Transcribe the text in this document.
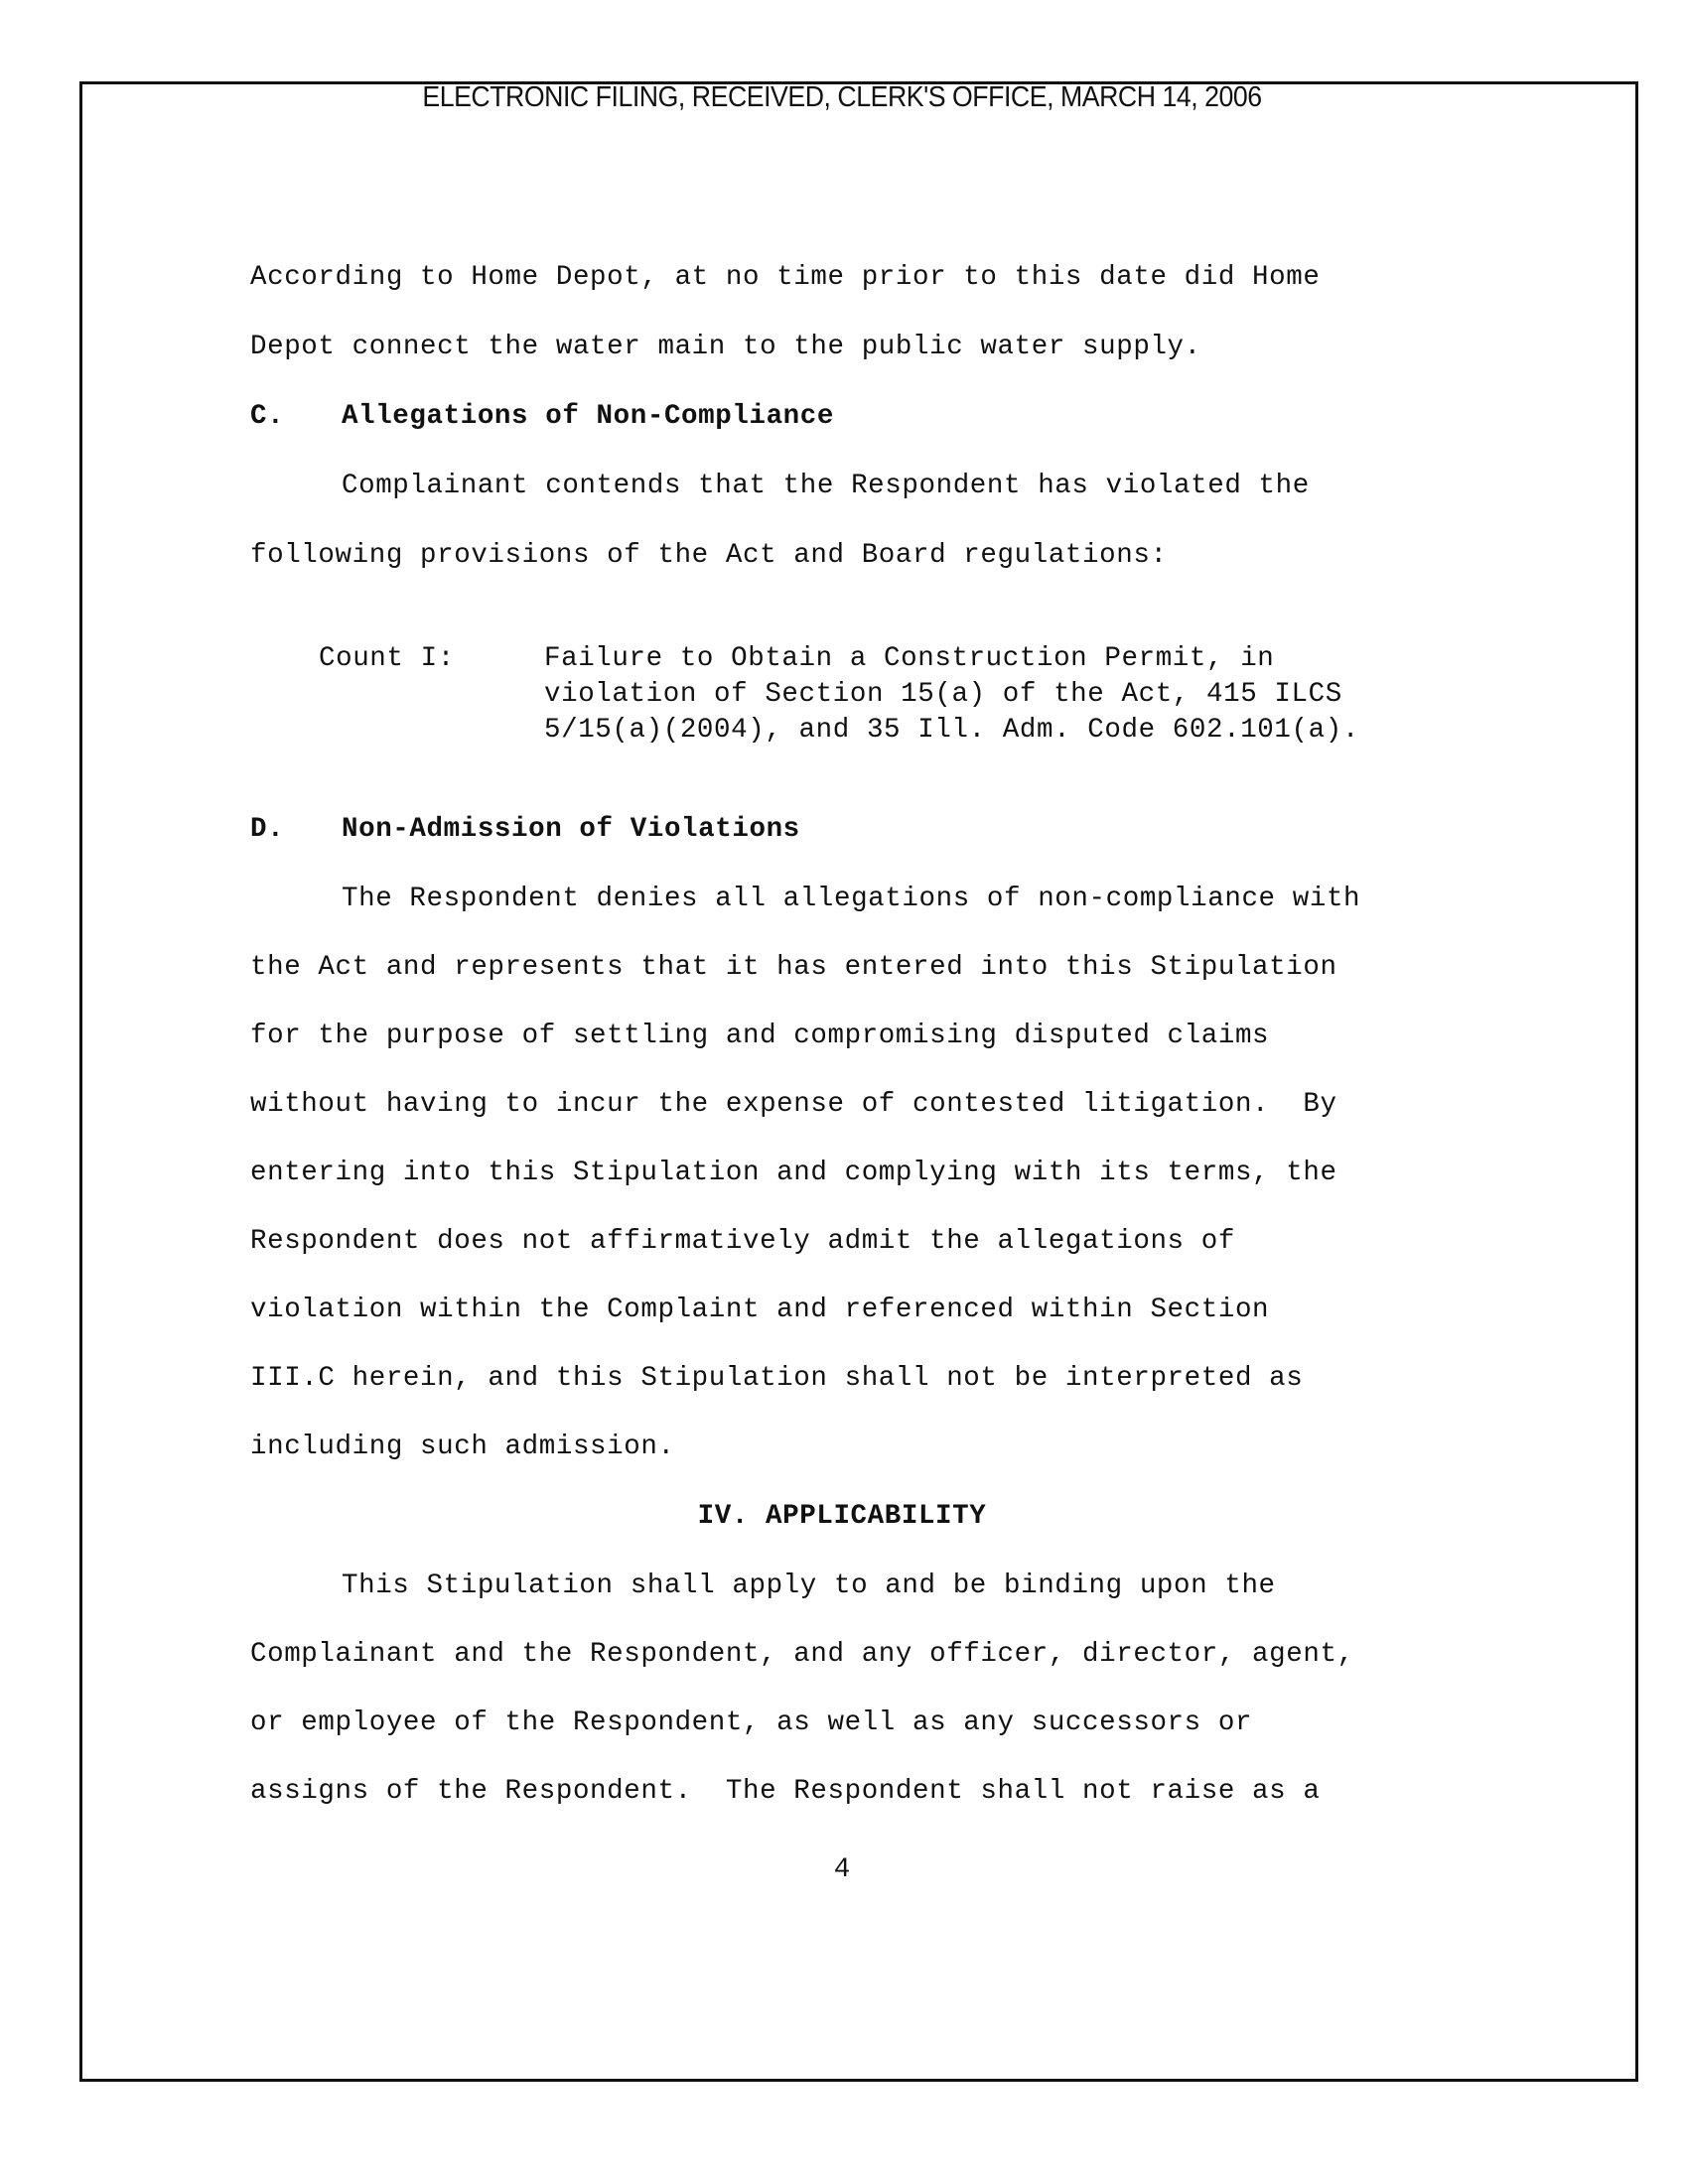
ELECTRONIC FILING, RECEIVED, CLERK'S OFFICE, MARCH 14, 2006
According to Home Depot, at no time prior to this date did Home
Depot connect the water main to the public water supply.
C. Allegations of Non-Compliance
Complainant contends that the Respondent has violated the
following provisions of the Act and Board regulations:
Count I:	Failure to Obtain a Construction Permit, in
violation of Section 15(a) of the Act, 415 ILCS
5/15(a)(2004), and 35 Ill. Adm. Code 602.101(a).
D. Non-Admission of Violations
The Respondent denies all allegations of non-compliance with
the Act and represents that it has entered into this Stipulation
for the purpose of settling and compromising disputed claims
without having to incur the expense of contested litigation.  By
entering into this Stipulation and complying with its terms, the
Respondent does not affirmatively admit the allegations of
violation within the Complaint and referenced within Section
III.C herein, and this Stipulation shall not be interpreted as
including such admission.
IV. APPLICABILITY
This Stipulation shall apply to and be binding upon the
Complainant and the Respondent, and any officer, director, agent,
or employee of the Respondent, as well as any successors or
assigns of the Respondent.  The Respondent shall not raise as a
4
